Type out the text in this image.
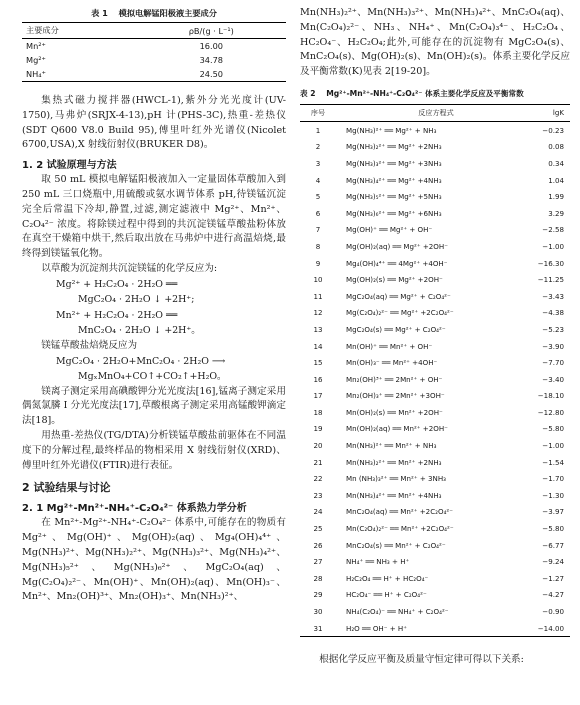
表 1 模拟电解锰阳极液主要成分
主要成分	ρB/(g · L⁻¹)
Mn²⁺	16.00
Mg²⁺	34.78
NH₄⁺	24.50

集热式磁力搅拌器(HWCL-1),紫外分光光度计(UV-1750),马弗炉(SRJX-4-13),pH 计(PHS-3C),热重-差热仪(SDT Q600 V8.0 Build 95),傅里叶红外光谱仪(Nicolet 6700,USA),X 射线衍射仪(BRUKER D8)。

1. 2 试验原理与方法

取 50 mL 模拟电解锰阳极液加入一定量固体草酸加入到 250 mL 三口烧瓶中,用硫酸或氨水调节体系 pH,待镁锰沉淀完全后常温下冷却,静置,过滤,测定滤液中 Mg²⁺、Mn²⁺、C₂O₄²⁻ 浓度。将除镁过程中得到的共沉淀镁锰草酸盐粉体放在真空干燥箱中烘干,然后取出放在马弗炉中进行高温焙烧,最终得到镁锰氧化物。

以草酸为沉淀剂共沉淀镁锰的化学反应为:

Mg²⁺ + H₂C₂O₄ · 2H₂O ══
MgC₂O₄ · 2H₂O ↓ +2H⁺;
Mn²⁺ + H₂C₂O₄ · 2H₂O ══
MnC₂O₄ · 2H₂O ↓ +2H⁺。

镁锰草酸盐焙烧反应为

MgC₂O₄ · 2H₂O+MnC₂O₄ · 2H₂O ⟶
MgₓMnO₄+CO↑+CO₂↑+H₂O。

镁离子测定采用高碘酸钾分光光度法[16],锰离子测定采用偶氮氯膦 I 分光光度法[17],草酸根离子测定采用高锰酸钾滴定法[18]。

用热重-差热仪(TG/DTA)分析镁锰草酸盐前驱体在不同温度下的分解过程,最终样品的物相采用 X 射线衍射仪(XRD)、傅里叶红外光谱仪(FTIR)进行表征。

2 试验结果与讨论
2. 1 Mg²⁺-Mn²⁺-NH₄⁺-C₂O₄²⁻ 体系热力学分析

在 Mn²⁺-Mg²⁺-NH₄⁺-C₂O₄²⁻ 体系中,可能存在的物质有 Mg²⁺、Mg(OH)⁺、Mg(OH)₂(aq)、Mg₄(OH)₄⁴⁺、Mg(NH₃)²⁺、Mg(NH₃)₂²⁺、Mg(NH₃)₃²⁺、Mg(NH₃)₄²⁺、Mg(NH₃)₅²⁺、Mg(NH₃)₆²⁺、MgC₂O₄(aq)、Mg(C₂O₄)₂²⁻、Mn(OH)⁺、Mn(OH)₂(aq)、Mn(OH)₃⁻、Mn²⁺、Mn₂(OH)³⁺、Mn₂(OH)₃⁺、Mn(NH₃)²⁺、

Mn(NH₃)₂²⁺、Mn(NH₃)₃²⁺、Mn(NH₃)₄²⁺、MnC₂O₄(aq)、Mn(C₂O₄)₂²⁻、NH₃、NH₄⁺、Mn(C₂O₄)₃⁴⁻、H₂C₂O₄、HC₂O₄⁻、H₂C₂O₄;此外,可能存在的沉淀物有 MgC₂O₄(s)、MnC₂O₄(s)、Mg(OH)₂(s)、Mn(OH)₂(s)。体系主要化学反应及平衡常数(K)见表 2[19-20]。

表 2 Mg²⁺-Mn²⁺-NH₄⁺-C₂O₄²⁻ 体系主要化学反应及平衡常数
序号	反应方程式	lgK
1	Mg(NH₃)²⁺ ══ Mg²⁺ + NH₃	−0.23
2	Mg(NH₃)₂²⁺ ══ Mg²⁺ +2NH₃	0.08
3	Mg(NH₃)₃²⁺ ══ Mg²⁺ +3NH₃	0.34
4	Mg(NH₃)₄²⁺ ══ Mg²⁺ +4NH₃	1.04
5	Mg(NH₃)₅²⁺ ══ Mg²⁺ +5NH₃	1.99
6	Mg(NH₃)₆²⁺ ══ Mg²⁺ +6NH₃	3.29
7	Mg(OH)⁺ ══ Mg²⁺ + OH⁻	−2.58
8	Mg(OH)₂(aq) ══ Mg²⁺ +2OH⁻	−1.00
9	Mg₄(OH)₄⁴⁺ ══ 4Mg²⁺ +4OH⁻	−16.30
10	Mg(OH)₂(s) ══ Mg²⁺ +2OH⁻	−11.25
11	MgC₂O₄(aq) ══ Mg²⁺ + C₂O₄²⁻	−3.43
12	Mg(C₂O₄)₂²⁻ ══ Mg²⁺ +2C₂O₄²⁻	−4.38
13	MgC₂O₄(s) ══ Mg²⁺ + C₂O₄²⁻	−5.23
14	Mn(OH)⁺ ══ Mn²⁺ + OH⁻	−3.90
15	Mn(OH)₃⁻ ══ Mn²⁺ +4OH⁻	−7.70
16	Mn₂(OH)³⁺ ══ 2Mn²⁺ + OH⁻	−3.40
17	Mn₂(OH)₃⁺ ══ 2Mn²⁺ +3OH⁻	−18.10
18	Mn(OH)₂(s) ══ Mn²⁺ +2OH⁻	−12.80
19	Mn(OH)₂(aq) ══ Mn²⁺ +2OH⁻	−5.80
20	Mn(NH₃)²⁺ ══ Mn²⁺ + NH₃	−1.00
21	Mn(NH₃)₂²⁺ ══ Mn²⁺ +2NH₃	−1.54
22	Mn (NH₃)₃²⁺ ══ Mn²⁺ + 3NH₃	−1.70
23	Mn(NH₃)₄²⁺ ══ Mn²⁺ +4NH₃	−1.30
24	MnC₂O₄(aq) ══ Mn²⁺ +2C₂O₄²⁻	−3.97
25	Mn(C₂O₄)₂²⁻ ══ Mn²⁺ +2C₂O₄²⁻	−5.80
26	MnC₂O₄(s) ══ Mn²⁺ + C₂O₄²⁻	−6.77
27	NH₄⁺ ══ NH₃ + H⁺	−9.24
28	H₂C₂O₄ ══ H⁺ + HC₂O₄⁻	−1.27
29	HC₂O₄⁻ ══ H⁺ + C₂O₄²⁻	−4.27
30	NH₄(C₂O₄)⁻ ══ NH₄⁺ + C₂O₄²⁻	−0.90
31	H₂O ══ OH⁻ + H⁺	−14.00

根据化学反应平衡及质量守恒定律可得以下关系:
